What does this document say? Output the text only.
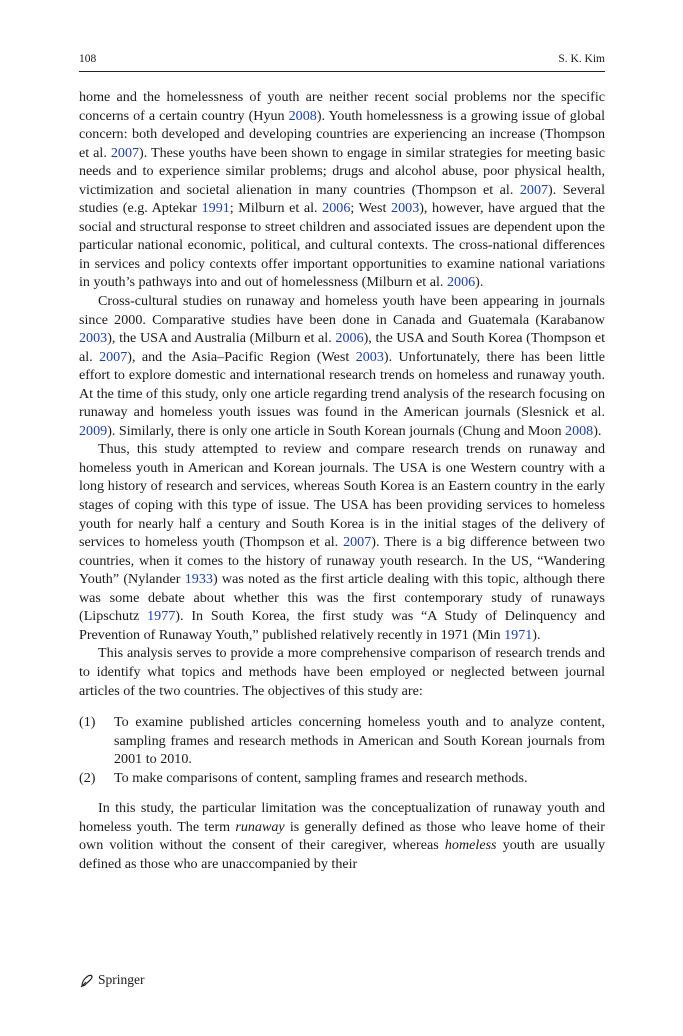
108	S. K. Kim

home and the homelessness of youth are neither recent social problems nor the specific concerns of a certain country (Hyun 2008). Youth homelessness is a growing issue of global concern: both developed and developing countries are experiencing an increase (Thompson et al. 2007). These youths have been shown to engage in similar strategies for meeting basic needs and to experience similar problems; drugs and alcohol abuse, poor physical health, victimization and societal alienation in many countries (Thompson et al. 2007). Several studies (e.g. Aptekar 1991; Milburn et al. 2006; West 2003), however, have argued that the social and structural response to street children and associated issues are dependent upon the particular national economic, political, and cultural contexts. The cross-national differences in services and policy contexts offer important opportunities to examine national variations in youth’s pathways into and out of homelessness (Milburn et al. 2006).

Cross-cultural studies on runaway and homeless youth have been appearing in journals since 2000. Comparative studies have been done in Canada and Guatemala (Karabanow 2003), the USA and Australia (Milburn et al. 2006), the USA and South Korea (Thompson et al. 2007), and the Asia–Pacific Region (West 2003). Unfortunately, there has been little effort to explore domestic and international research trends on homeless and runaway youth. At the time of this study, only one article regarding trend analysis of the research focusing on runaway and homeless youth issues was found in the American journals (Slesnick et al. 2009). Similarly, there is only one article in South Korean journals (Chung and Moon 2008).

Thus, this study attempted to review and compare research trends on runaway and homeless youth in American and Korean journals. The USA is one Western country with a long history of research and services, whereas South Korea is an Eastern country in the early stages of coping with this type of issue. The USA has been providing services to homeless youth for nearly half a century and South Korea is in the initial stages of the delivery of services to homeless youth (Thompson et al. 2007). There is a big difference between two countries, when it comes to the history of runaway youth research. In the US, “Wandering Youth” (Nylander 1933) was noted as the first article dealing with this topic, although there was some debate about whether this was the first contemporary study of runaways (Lipschutz 1977). In South Korea, the first study was “A Study of Delinquency and Prevention of Runaway Youth,” published relatively recently in 1971 (Min 1971).

This analysis serves to provide a more comprehensive comparison of research trends and to identify what topics and methods have been employed or neglected between journal articles of the two countries. The objectives of this study are:

(1) To examine published articles concerning homeless youth and to analyze content, sampling frames and research methods in American and South Korean journals from 2001 to 2010.
(2) To make comparisons of content, sampling frames and research methods.

In this study, the particular limitation was the conceptualization of runaway youth and homeless youth. The term runaway is generally defined as those who leave home of their own volition without the consent of their caregiver, whereas homeless youth are usually defined as those who are unaccompanied by their

Springer
